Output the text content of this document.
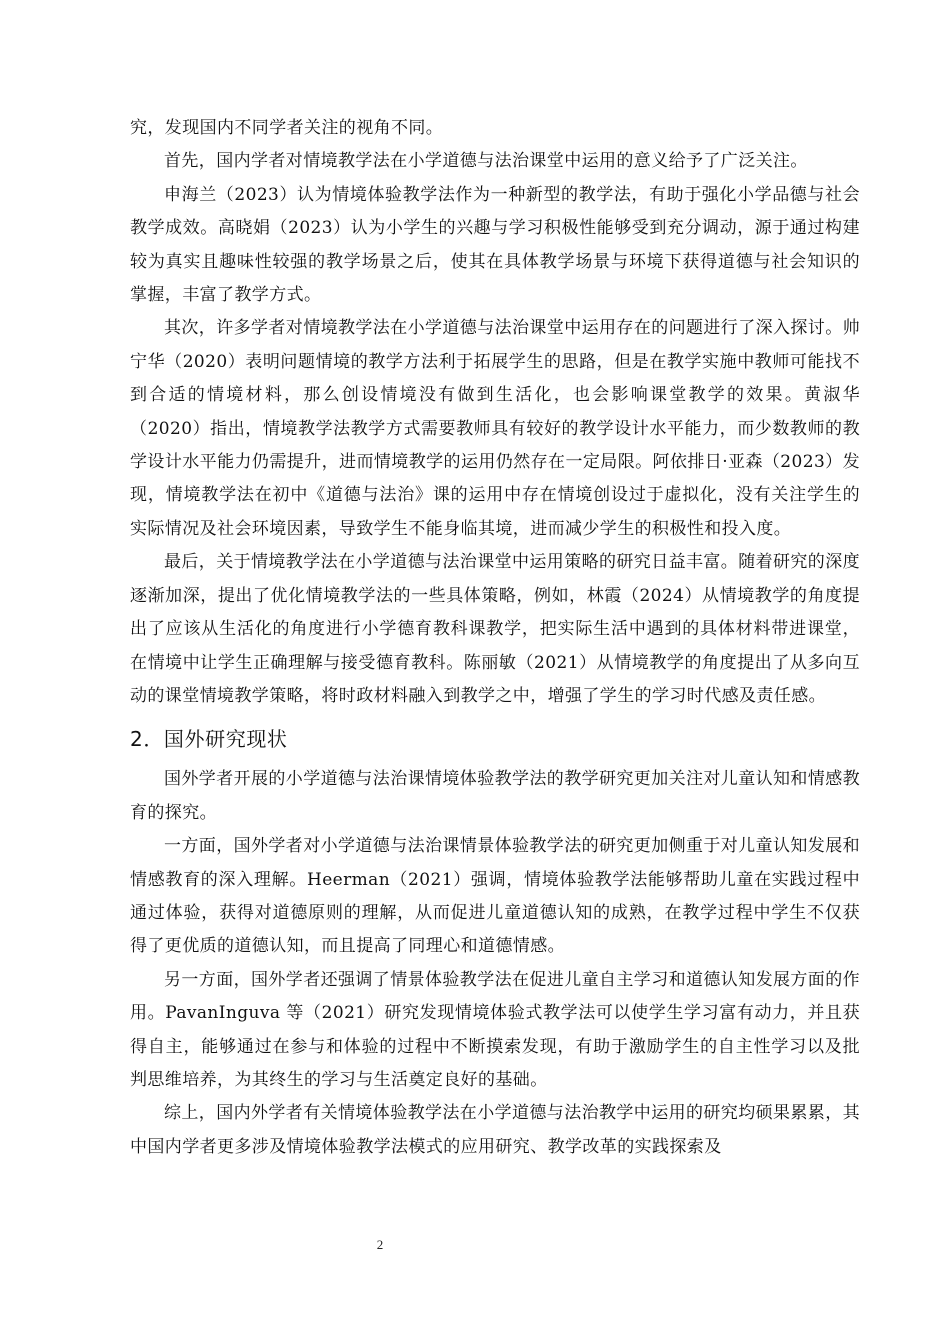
究，发现国内不同学者关注的视角不同。

首先，国内学者对情境教学法在小学道德与法治课堂中运用的意义给予了广泛关注。

申海兰（2023）认为情境体验教学法作为一种新型的教学法，有助于强化小学品德与社会教学成效。高晓娟（2023）认为小学生的兴趣与学习积极性能够受到充分调动，源于通过构建较为真实且趣味性较强的教学场景之后，使其在具体教学场景与环境下获得道德与社会知识的掌握，丰富了教学方式。

其次，许多学者对情境教学法在小学道德与法治课堂中运用存在的问题进行了深入探讨。帅宁华（2020）表明问题情境的教学方法利于拓展学生的思路，但是在教学实施中教师可能找不到合适的情境材料，那么创设情境没有做到生活化，也会影响课堂教学的效果。黄淑华（2020）指出，情境教学法教学方式需要教师具有较好的教学设计水平能力，而少数教师的教学设计水平能力仍需提升，进而情境教学的运用仍然存在一定局限。阿依排日·亚森（2023）发现，情境教学法在初中《道德与法治》课的运用中存在情境创设过于虚拟化，没有关注学生的实际情况及社会环境因素，导致学生不能身临其境，进而减少学生的积极性和投入度。

最后，关于情境教学法在小学道德与法治课堂中运用策略的研究日益丰富。随着研究的深度逐渐加深，提出了优化情境教学法的一些具体策略，例如，林霞（2024）从情境教学的角度提出了应该从生活化的角度进行小学德育教科课教学，把实际生活中遇到的具体材料带进课堂，在情境中让学生正确理解与接受德育教科。陈丽敏（2021）从情境教学的角度提出了从多向互动的课堂情境教学策略，将时政材料融入到教学之中，增强了学生的学习时代感及责任感。

2．国外研究现状

国外学者开展的小学道德与法治课情境体验教学法的教学研究更加关注对儿童认知和情感教育的探究。

一方面，国外学者对小学道德与法治课情景体验教学法的研究更加侧重于对儿童认知发展和情感教育的深入理解。Heerman（2021）强调，情境体验教学法能够帮助儿童在实践过程中通过体验，获得对道德原则的理解，从而促进儿童道德认知的成熟，在教学过程中学生不仅获得了更优质的道德认知，而且提高了同理心和道德情感。

另一方面，国外学者还强调了情景体验教学法在促进儿童自主学习和道德认知发展方面的作用。PavanInguva 等（2021）研究发现情境体验式教学法可以使学生学习富有动力，并且获得自主，能够通过在参与和体验的过程中不断摸索发现，有助于激励学生的自主性学习以及批判思维培养，为其终生的学习与生活奠定良好的基础。

综上，国内外学者有关情境体验教学法在小学道德与法治教学中运用的研究均硕果累累，其中国内学者更多涉及情境体验教学法模式的应用研究、教学改革的实践探索及

2
